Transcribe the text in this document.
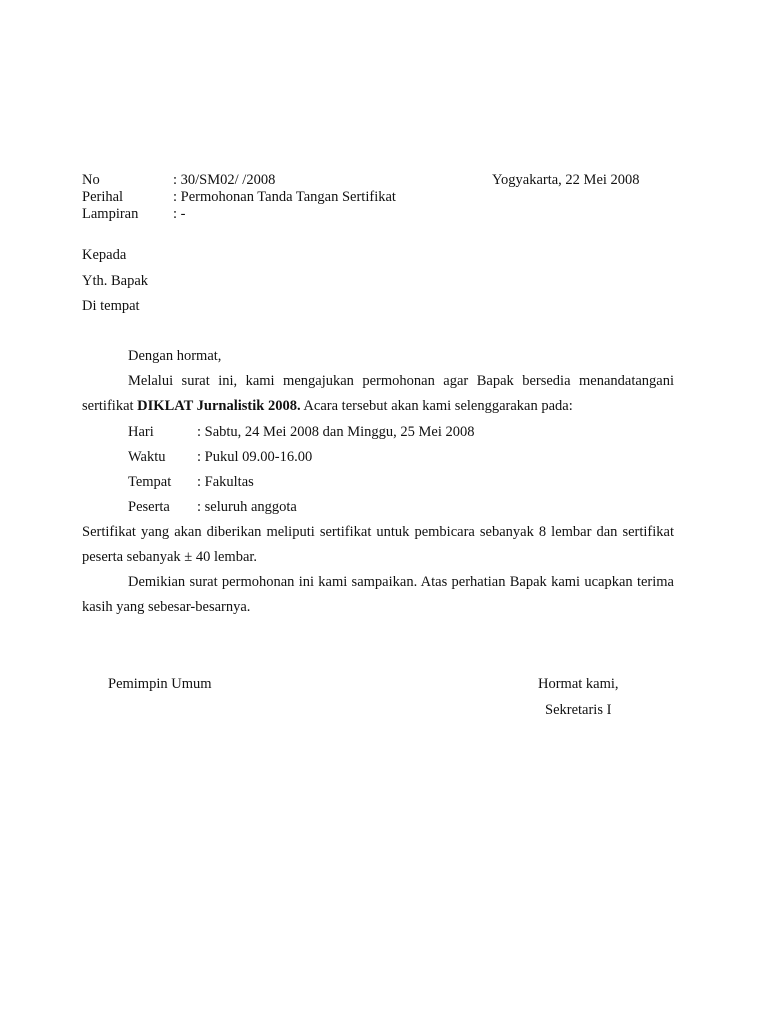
No	: 30/SM02/ /2008	Yogyakarta, 22 Mei 2008
Perihal	: Permohonan Tanda Tangan Sertifikat
Lampiran : -
Kepada
Yth. Bapak
Di tempat
Dengan hormat,
Melalui surat ini, kami mengajukan permohonan agar Bapak bersedia menandatangani sertifikat DIKLAT Jurnalistik 2008. Acara tersebut akan kami selenggarakan pada:
Hari	: Sabtu, 24 Mei 2008 dan Minggu, 25 Mei 2008
Waktu : Pukul 09.00-16.00
Tempat : Fakultas
Peserta : seluruh anggota
Sertifikat yang akan diberikan meliputi sertifikat untuk pembicara sebanyak 8 lembar dan sertifikat peserta sebanyak ± 40 lembar.
Demikian surat permohonan ini kami sampaikan. Atas perhatian Bapak kami ucapkan terima kasih yang sebesar-besarnya.
Pemimpin Umum	Hormat kami,
Sekretaris I
